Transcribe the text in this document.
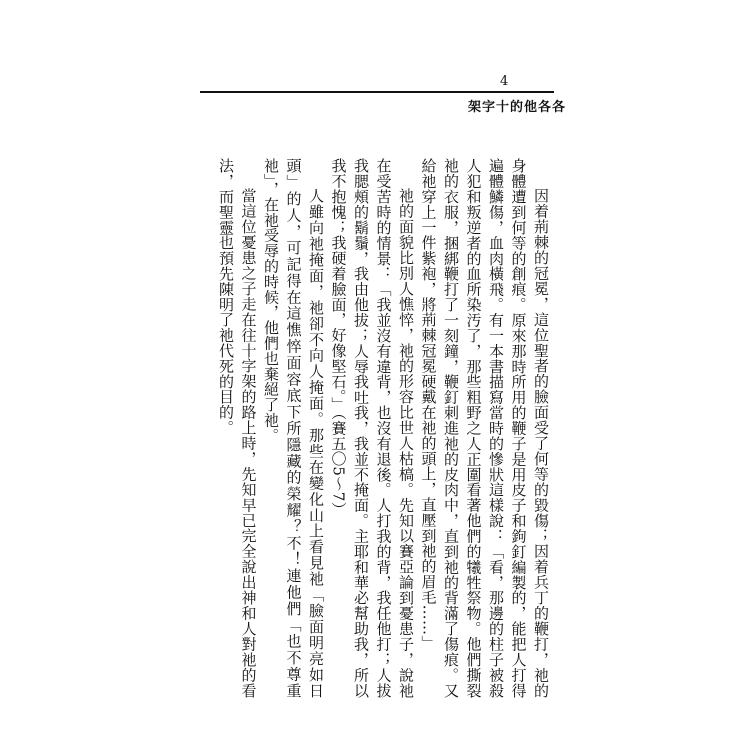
4
架字十的他各各

因着荊棘的冠冕，這位聖者的臉面受了何等的毀傷；因着兵丁的鞭打，祂的身體遭到何等的創痕。原來那時所用的鞭子是用皮子和鉤釘編製的，能把人打得遍體鱗傷，血肉橫飛。有一本書描寫當時的慘狀這樣說：「看，那邊的柱子被殺人犯和叛逆者的血所染汚了，那些粗野之人正圍看著他們的犧牲祭物。他們撕裂祂的衣服，捆綁鞭打了一刻鐘，鞭釘刺進祂的皮肉中，直到祂的背滿了傷痕。又給祂穿上一件紫袍，將荊棘冠冕硬戴在祂的頭上，直壓到祂的眉毛……」

祂的面貌比別人憔悴，祂的形容比世人枯槁。先知以賽亞論到憂患子，說祂在受苦時的情景：「我並沒有違背，也沒有退後。人打我的背，我任他打；人拔我腮頰的鬍鬚，我由他拔；人辱我吐我，我並不掩面。主耶和華必幫助我，所以我不抱愧；我硬着臉面，好像堅石。」（賽五〇5～7）

人雖向祂掩面，祂卻不向人掩面。那些在變化山上看見祂「臉面明亮如日頭」的人，可記得在這憔悴面容底下所隱藏的榮耀？不！連他們「也不尊重祂」，在祂受辱的時候，他們也棄絕了祂。

當這位憂患之子走在往十字架的路上時，先知早已完全說出神和人對祂的看法，而聖靈也預先陳明了祂代死的目的。
